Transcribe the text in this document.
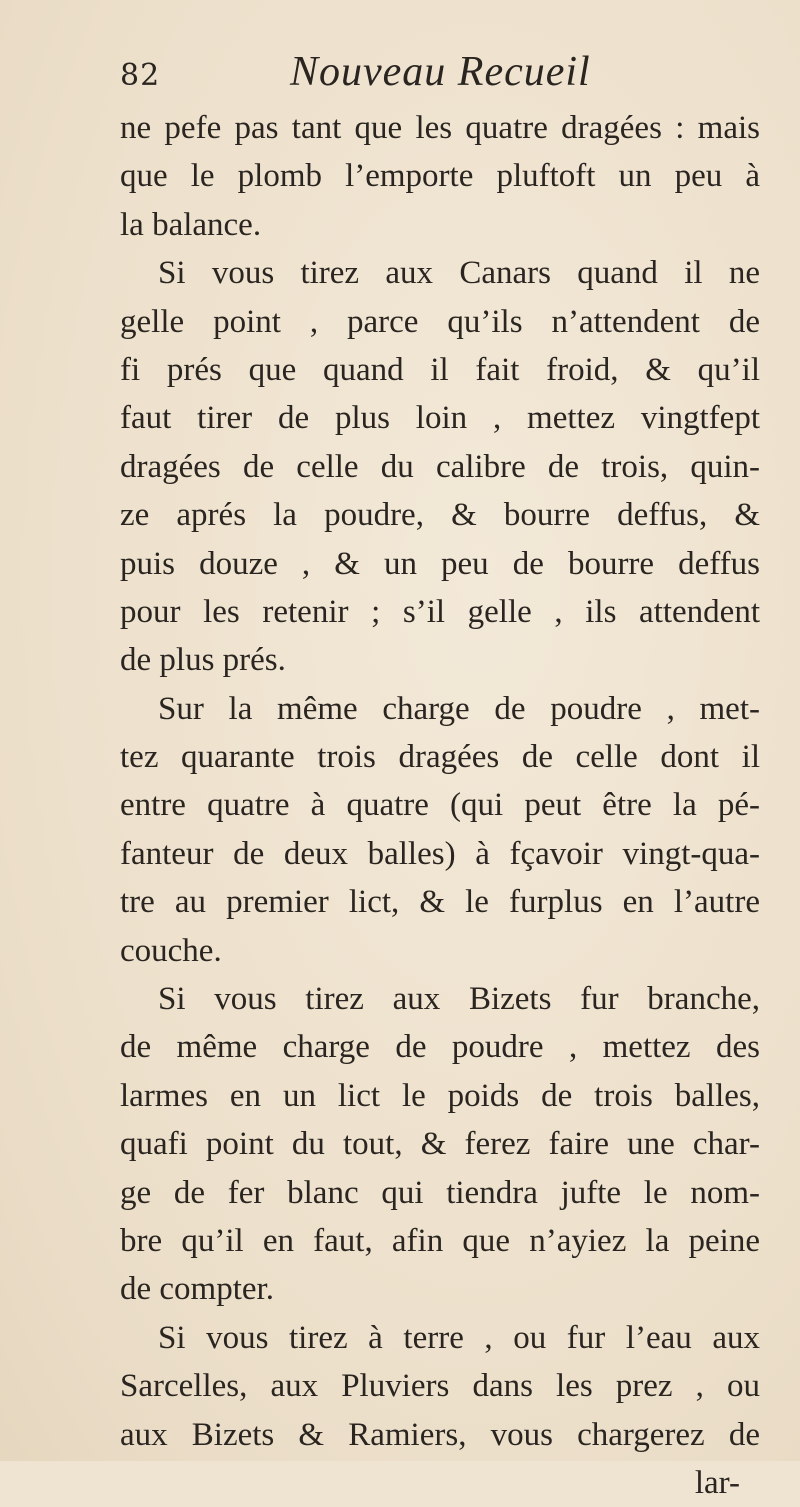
82	Nouveau Recueil
ne pefe pas tant que les quatre dragées : mais
que le plomb l’emporte pluftoft un peu à
la balance.
Si vous tirez aux Canars quand il ne
gelle point , parce qu’ils n’attendent de
fi prés que quand il fait froid, & qu’il
faut tirer de plus loin , mettez vingtfept
dragées de celle du calibre de trois, quin-
ze aprés la poudre, & bourre deffus, &
puis douze , & un peu de bourre deffus
pour les retenir ; s’il gelle , ils attendent
de plus prés.
Sur la même charge de poudre , met-
tez quarante trois dragées de celle dont il
entre quatre à quatre (qui peut être la pé-
fanteur de deux balles) à fçavoir vingt-qua-
tre au premier lict, & le furplus en l’autre
couche.
Si vous tirez aux Bizets fur branche,
de même charge de poudre , mettez des
larmes en un lict le poids de trois balles,
quafi point du tout, & ferez faire une char-
ge de fer blanc qui tiendra jufte le nom-
bre qu’il en faut, afin que n’ayiez la peine
de compter.
Si vous tirez à terre , ou fur l’eau aux
Sarcelles, aux Pluviers dans les prez , ou
aux Bizets & Ramiers, vous chargerez de
lar-
